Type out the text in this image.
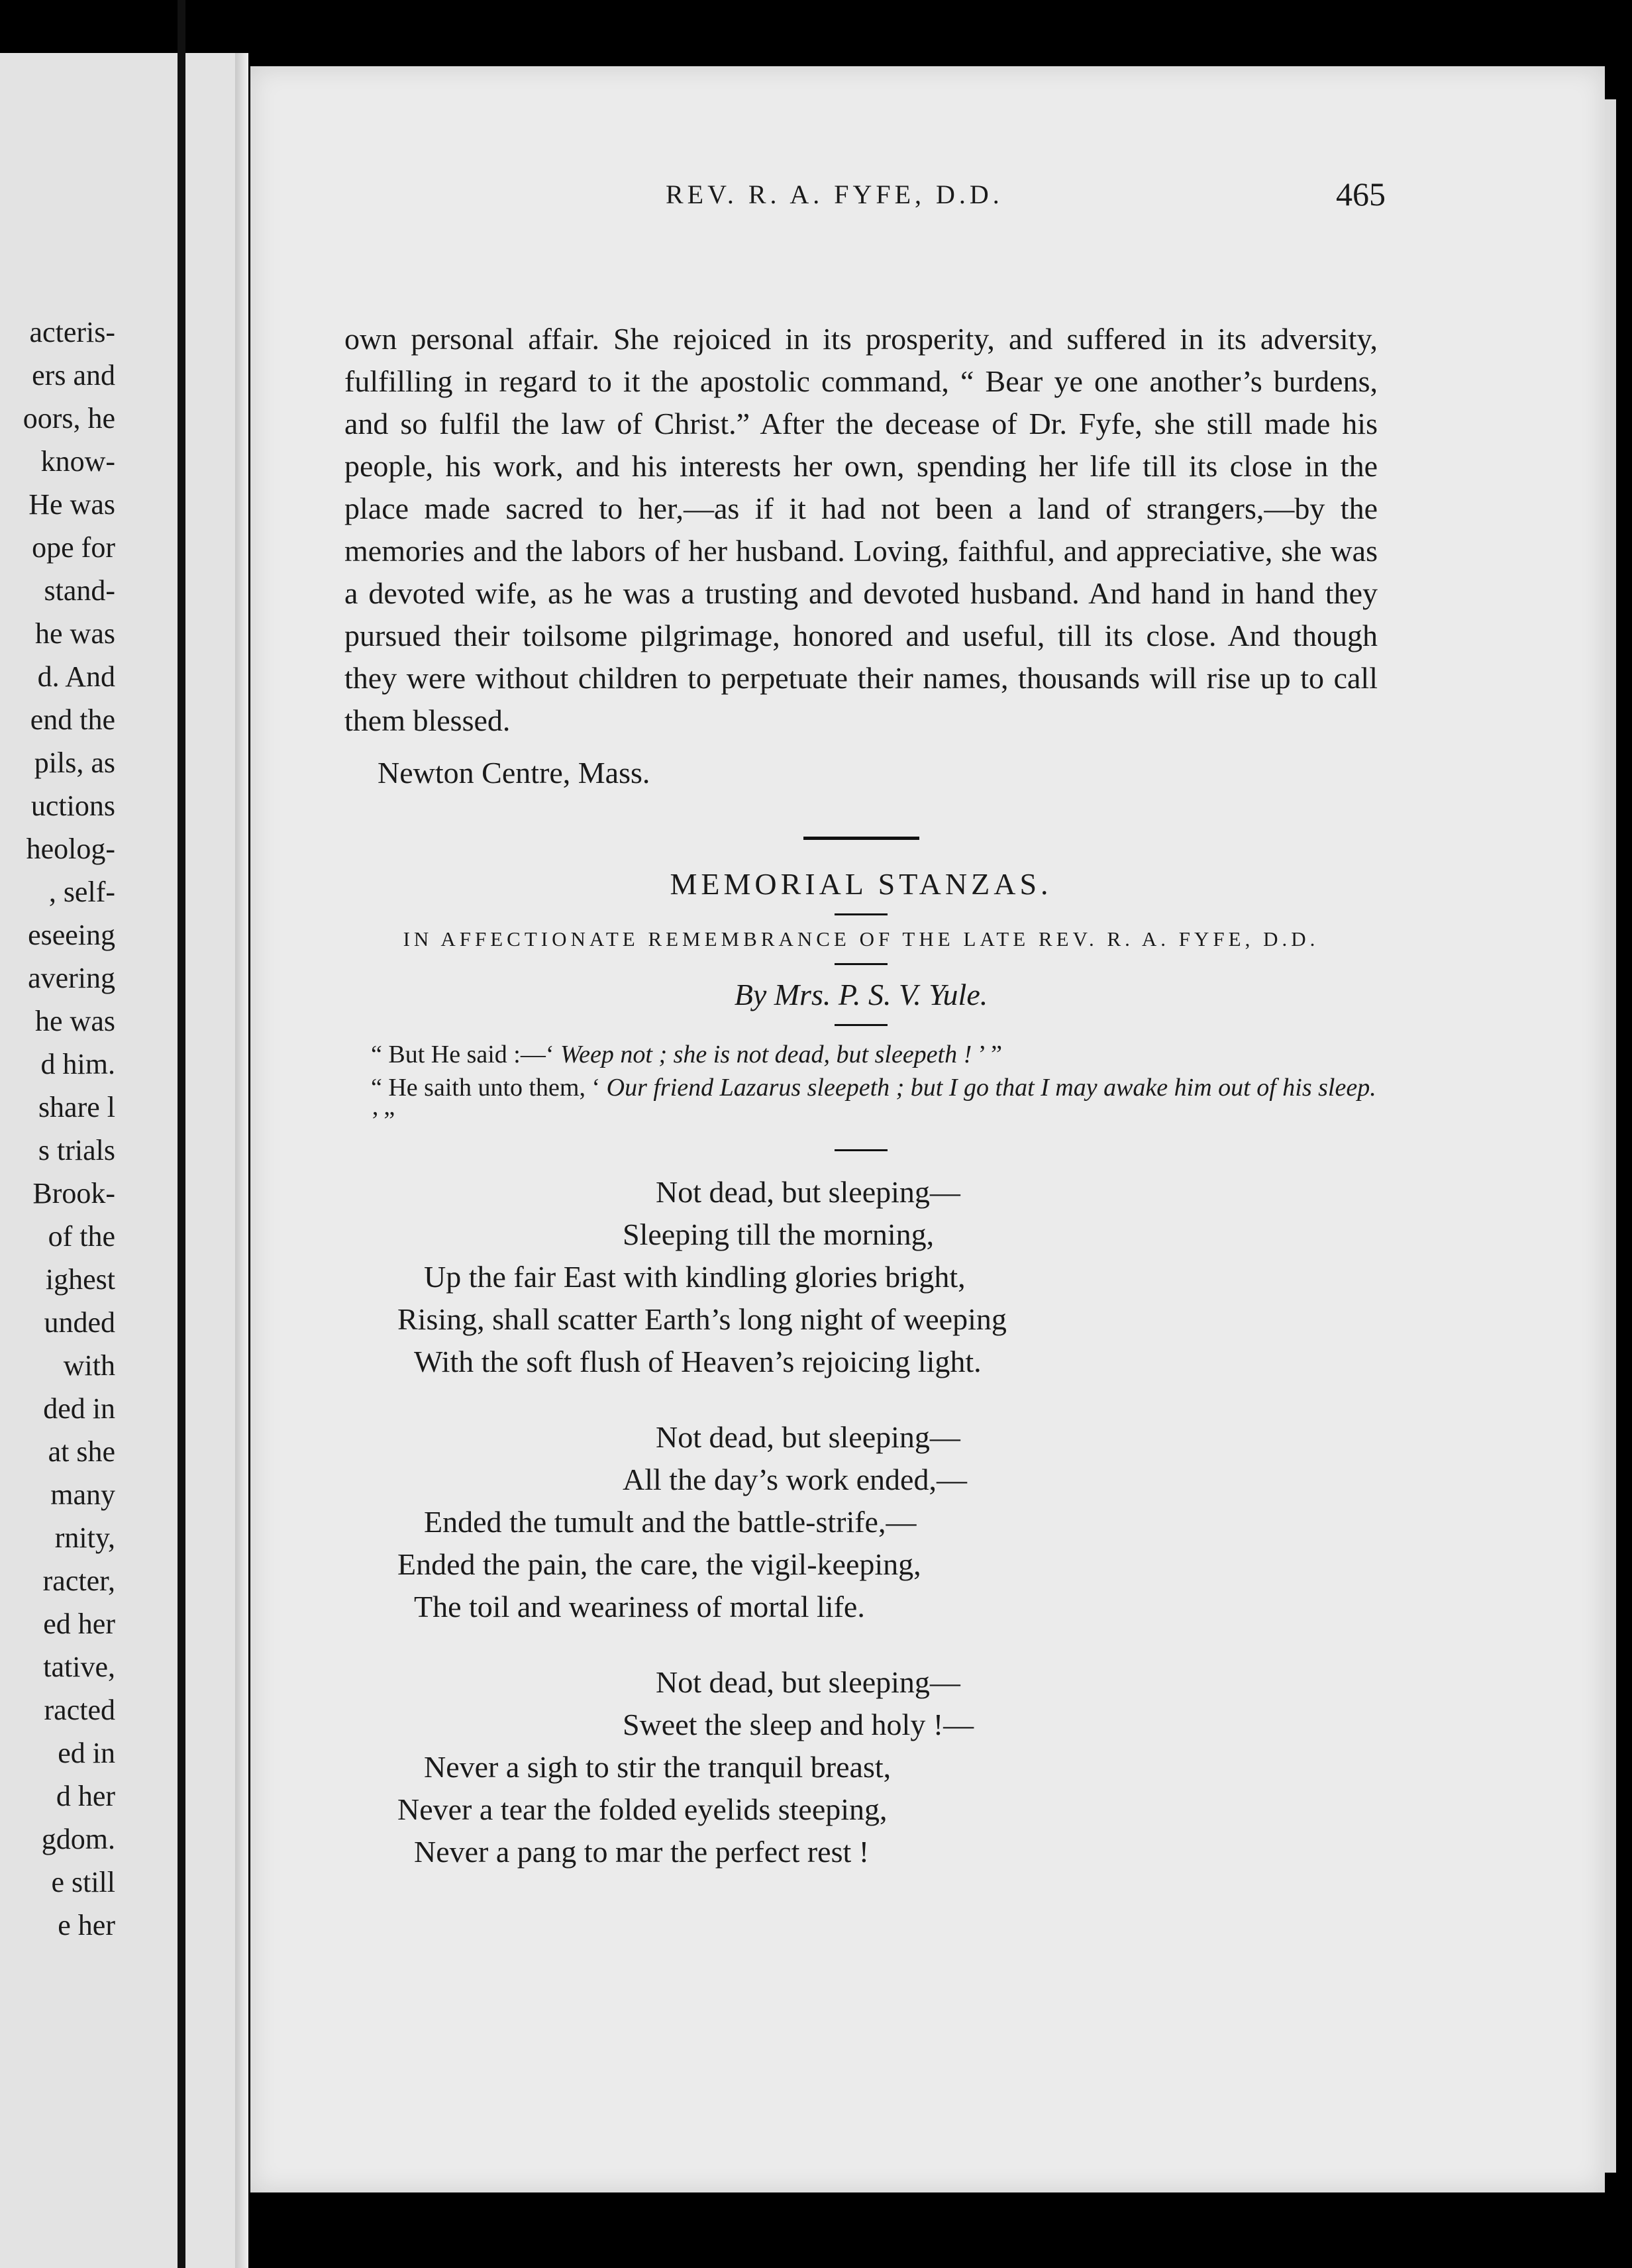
acteris-
ers and
oors, he
know-
He was
ope for
stand-
he was
d. And
end the
pils, as
uctions
heolog-
, self-
eseeing
avering
he was
d him.
share l
s trials
Brook-
of the
ighest
unded
with
ded in
at she
many
rnity,
racter,
ed her
tative,
racted
ed in
d her
gdom.
e still
e her
REV. R. A. FYFE, D.D.	465

own personal affair. She rejoiced in its prosperity, and suffered in its adversity, fulfilling in regard to it the apostolic command, “ Bear ye one another’s burdens, and so fulfil the law of Christ.” After the decease of Dr. Fyfe, she still made his people, his work, and his interests her own, spending her life till its close in the place made sacred to her,—as if it had not been a land of strangers,—by the memories and the labors of her husband. Loving, faithful, and appreciative, she was a devoted wife, as he was a trusting and devoted husband. And hand in hand they pursued their toilsome pilgrimage, honored and useful, till its close. And though they were without children to perpetuate their names, thousands will rise up to call them blessed.

Newton Centre, Mass.
MEMORIAL STANZAS.
IN AFFECTIONATE REMEMBRANCE OF THE LATE REV. R. A. FYFE, D.D.
By Mrs. P. S. V. Yule.
“ But He said :—‘ Weep not ; she is not dead, but sleepeth ! ’ ”
“ He saith unto them, ‘ Our friend Lazarus sleepeth ; but I go that I may awake him out of his sleep. ’ ”
Not dead, but sleeping—
Sleeping till the morning,
Up the fair East with kindling glories bright,
Rising, shall scatter Earth’s long night of weeping
With the soft flush of Heaven’s rejoicing light.
Not dead, but sleeping—
All the day’s work ended,—
Ended the tumult and the battle-strife,—
Ended the pain, the care, the vigil-keeping,
The toil and weariness of mortal life.
Not dead, but sleeping—
Sweet the sleep and holy !—
Never a sigh to stir the tranquil breast,
Never a tear the folded eyelids steeping,
Never a pang to mar the perfect rest !
